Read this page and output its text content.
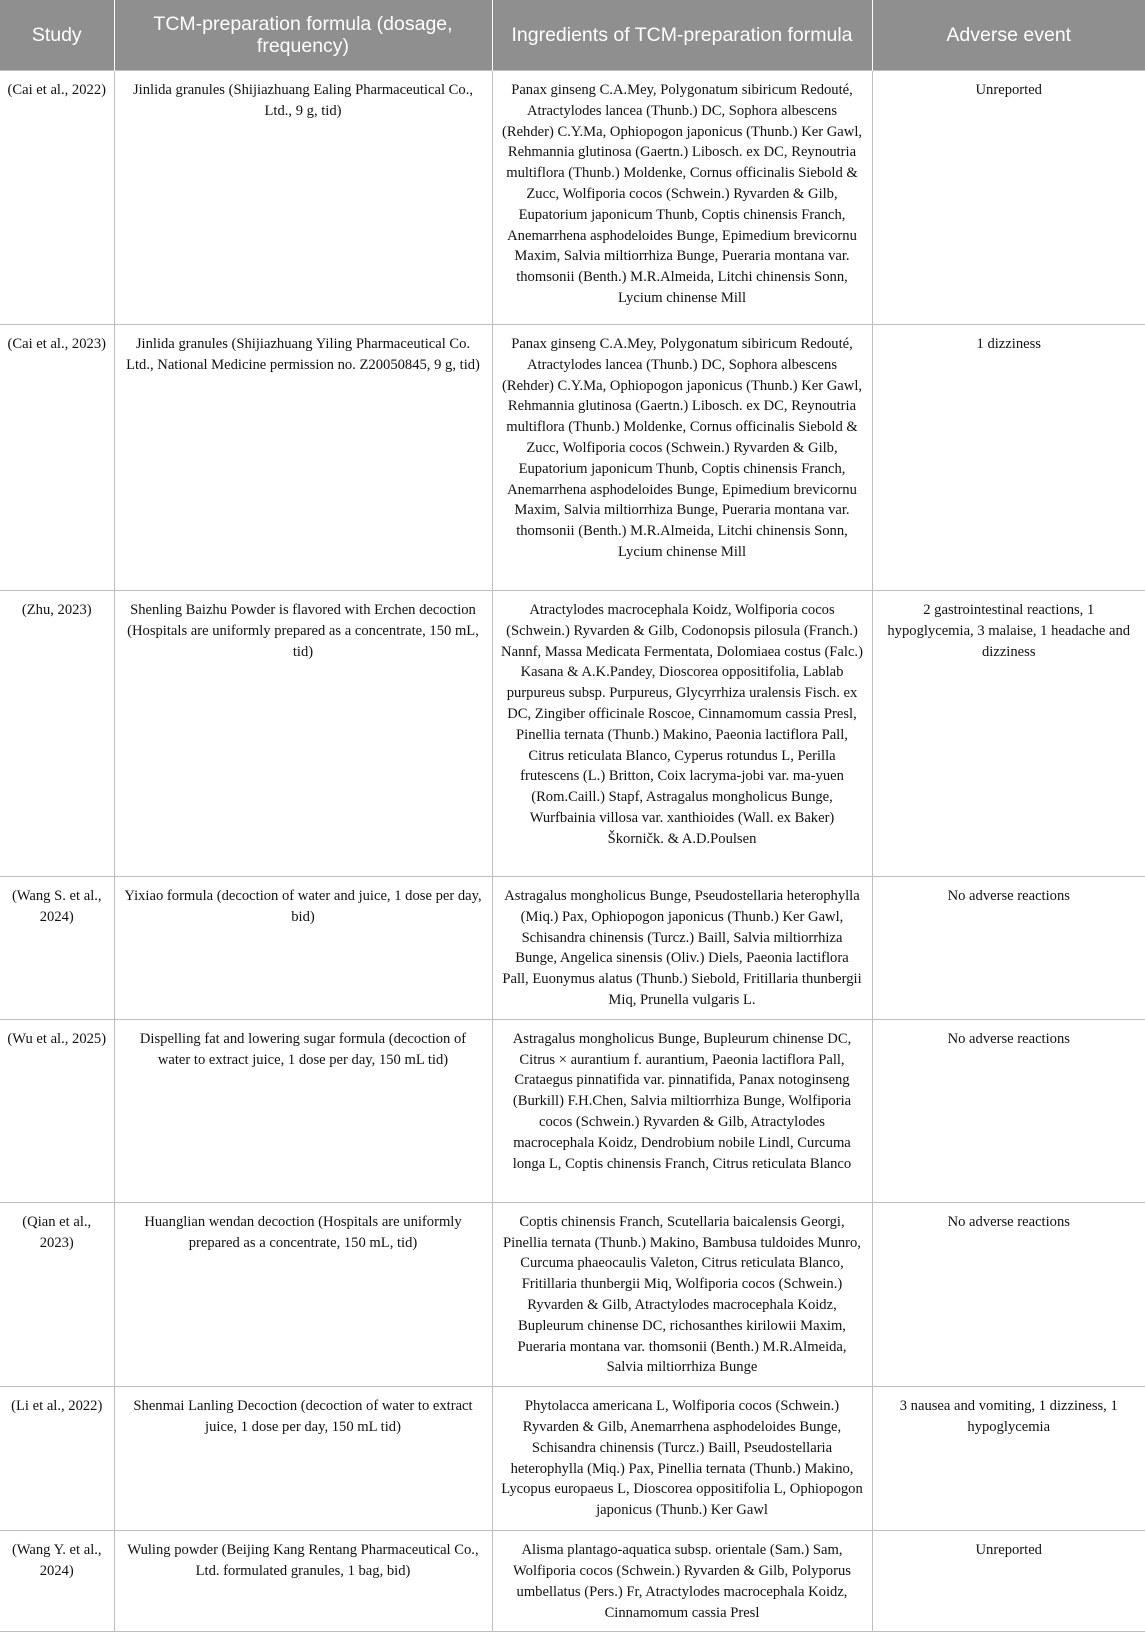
Study	TCM-preparation formula (dosage, frequency)	Ingredients of TCM-preparation formula	Adverse event
(Cai et al., 2022)	Jinlida granules (Shijiazhuang Ealing Pharmaceutical Co., Ltd., 9 g, tid)	Panax ginseng C.A.Mey, Polygonatum sibiricum Redouté, Atractylodes lancea (Thunb.) DC, Sophora albescens (Rehder) C.Y.Ma, Ophiopogon japonicus (Thunb.) Ker Gawl, Rehmannia glutinosa (Gaertn.) Libosch. ex DC, Reynoutria multiflora (Thunb.) Moldenke, Cornus officinalis Siebold & Zucc, Wolfiporia cocos (Schwein.) Ryvarden & Gilb, Eupatorium japonicum Thunb, Coptis chinensis Franch, Anemarrhena asphodeloides Bunge, Epimedium brevicornu Maxim, Salvia miltiorrhiza Bunge, Pueraria montana var. thomsonii (Benth.) M.R.Almeida, Litchi chinensis Sonn, Lycium chinense Mill	Unreported
(Cai et al., 2023)	Jinlida granules (Shijiazhuang Yiling Pharmaceutical Co. Ltd., National Medicine permission no. Z20050845, 9 g, tid)	Panax ginseng C.A.Mey, Polygonatum sibiricum Redouté, Atractylodes lancea (Thunb.) DC, Sophora albescens (Rehder) C.Y.Ma, Ophiopogon japonicus (Thunb.) Ker Gawl, Rehmannia glutinosa (Gaertn.) Libosch. ex DC, Reynoutria multiflora (Thunb.) Moldenke, Cornus officinalis Siebold & Zucc, Wolfiporia cocos (Schwein.) Ryvarden & Gilb, Eupatorium japonicum Thunb, Coptis chinensis Franch, Anemarrhena asphodeloides Bunge, Epimedium brevicornu Maxim, Salvia miltiorrhiza Bunge, Pueraria montana var. thomsonii (Benth.) M.R.Almeida, Litchi chinensis Sonn, Lycium chinense Mill	1 dizziness
(Zhu, 2023)	Shenling Baizhu Powder is flavored with Erchen decoction (Hospitals are uniformly prepared as a concentrate, 150 mL, tid)	Atractylodes macrocephala Koidz, Wolfiporia cocos (Schwein.) Ryvarden & Gilb, Codonopsis pilosula (Franch.) Nannf, Massa Medicata Fermentata, Dolomiaea costus (Falc.) Kasana & A.K.Pandey, Dioscorea oppositifolia, Lablab purpureus subsp. Purpureus, Glycyrrhiza uralensis Fisch. ex DC, Zingiber officinale Roscoe, Cinnamomum cassia Presl, Pinellia ternata (Thunb.) Makino, Paeonia lactiflora Pall, Citrus reticulata Blanco, Cyperus rotundus L, Perilla frutescens (L.) Britton, Coix lacryma-jobi var. ma-yuen (Rom.Caill.) Stapf, Astragalus mongholicus Bunge, Wurfbainia villosa var. xanthioides (Wall. ex Baker) Škorničk. & A.D.Poulsen	2 gastrointestinal reactions, 1 hypoglycemia, 3 malaise, 1 headache and dizziness
(Wang S. et al., 2024)	Yixiao formula (decoction of water and juice, 1 dose per day, bid)	Astragalus mongholicus Bunge, Pseudostellaria heterophylla (Miq.) Pax, Ophiopogon japonicus (Thunb.) Ker Gawl, Schisandra chinensis (Turcz.) Baill, Salvia miltiorrhiza Bunge, Angelica sinensis (Oliv.) Diels, Paeonia lactiflora Pall, Euonymus alatus (Thunb.) Siebold, Fritillaria thunbergii Miq, Prunella vulgaris L.	No adverse reactions
(Wu et al., 2025)	Dispelling fat and lowering sugar formula (decoction of water to extract juice, 1 dose per day, 150 mL tid)	Astragalus mongholicus Bunge, Bupleurum chinense DC, Citrus × aurantium f. aurantium, Paeonia lactiflora Pall, Crataegus pinnatifida var. pinnatifida, Panax notoginseng (Burkill) F.H.Chen, Salvia miltiorrhiza Bunge, Wolfiporia cocos (Schwein.) Ryvarden & Gilb, Atractylodes macrocephala Koidz, Dendrobium nobile Lindl, Curcuma longa L, Coptis chinensis Franch, Citrus reticulata Blanco	No adverse reactions
(Qian et al., 2023)	Huanglian wendan decoction (Hospitals are uniformly prepared as a concentrate, 150 mL, tid)	Coptis chinensis Franch, Scutellaria baicalensis Georgi, Pinellia ternata (Thunb.) Makino, Bambusa tuldoides Munro, Curcuma phaeocaulis Valeton, Citrus reticulata Blanco, Fritillaria thunbergii Miq, Wolfiporia cocos (Schwein.) Ryvarden & Gilb, Atractylodes macrocephala Koidz, Bupleurum chinense DC, richosanthes kirilowii Maxim, Pueraria montana var. thomsonii (Benth.) M.R.Almeida, Salvia miltiorrhiza Bunge	No adverse reactions
(Li et al., 2022)	Shenmai Lanling Decoction (decoction of water to extract juice, 1 dose per day, 150 mL tid)	Phytolacca americana L, Wolfiporia cocos (Schwein.) Ryvarden & Gilb, Anemarrhena asphodeloides Bunge, Schisandra chinensis (Turcz.) Baill, Pseudostellaria heterophylla (Miq.) Pax, Pinellia ternata (Thunb.) Makino, Lycopus europaeus L, Dioscorea oppositifolia L, Ophiopogon japonicus (Thunb.) Ker Gawl	3 nausea and vomiting, 1 dizziness, 1 hypoglycemia
(Wang Y. et al., 2024)	Wuling powder (Beijing Kang Rentang Pharmaceutical Co., Ltd. formulated granules, 1 bag, bid)	Alisma plantago-aquatica subsp. orientale (Sam.) Sam, Wolfiporia cocos (Schwein.) Ryvarden & Gilb, Polyporus umbellatus (Pers.) Fr, Atractylodes macrocephala Koidz, Cinnamomum cassia Presl	Unreported
